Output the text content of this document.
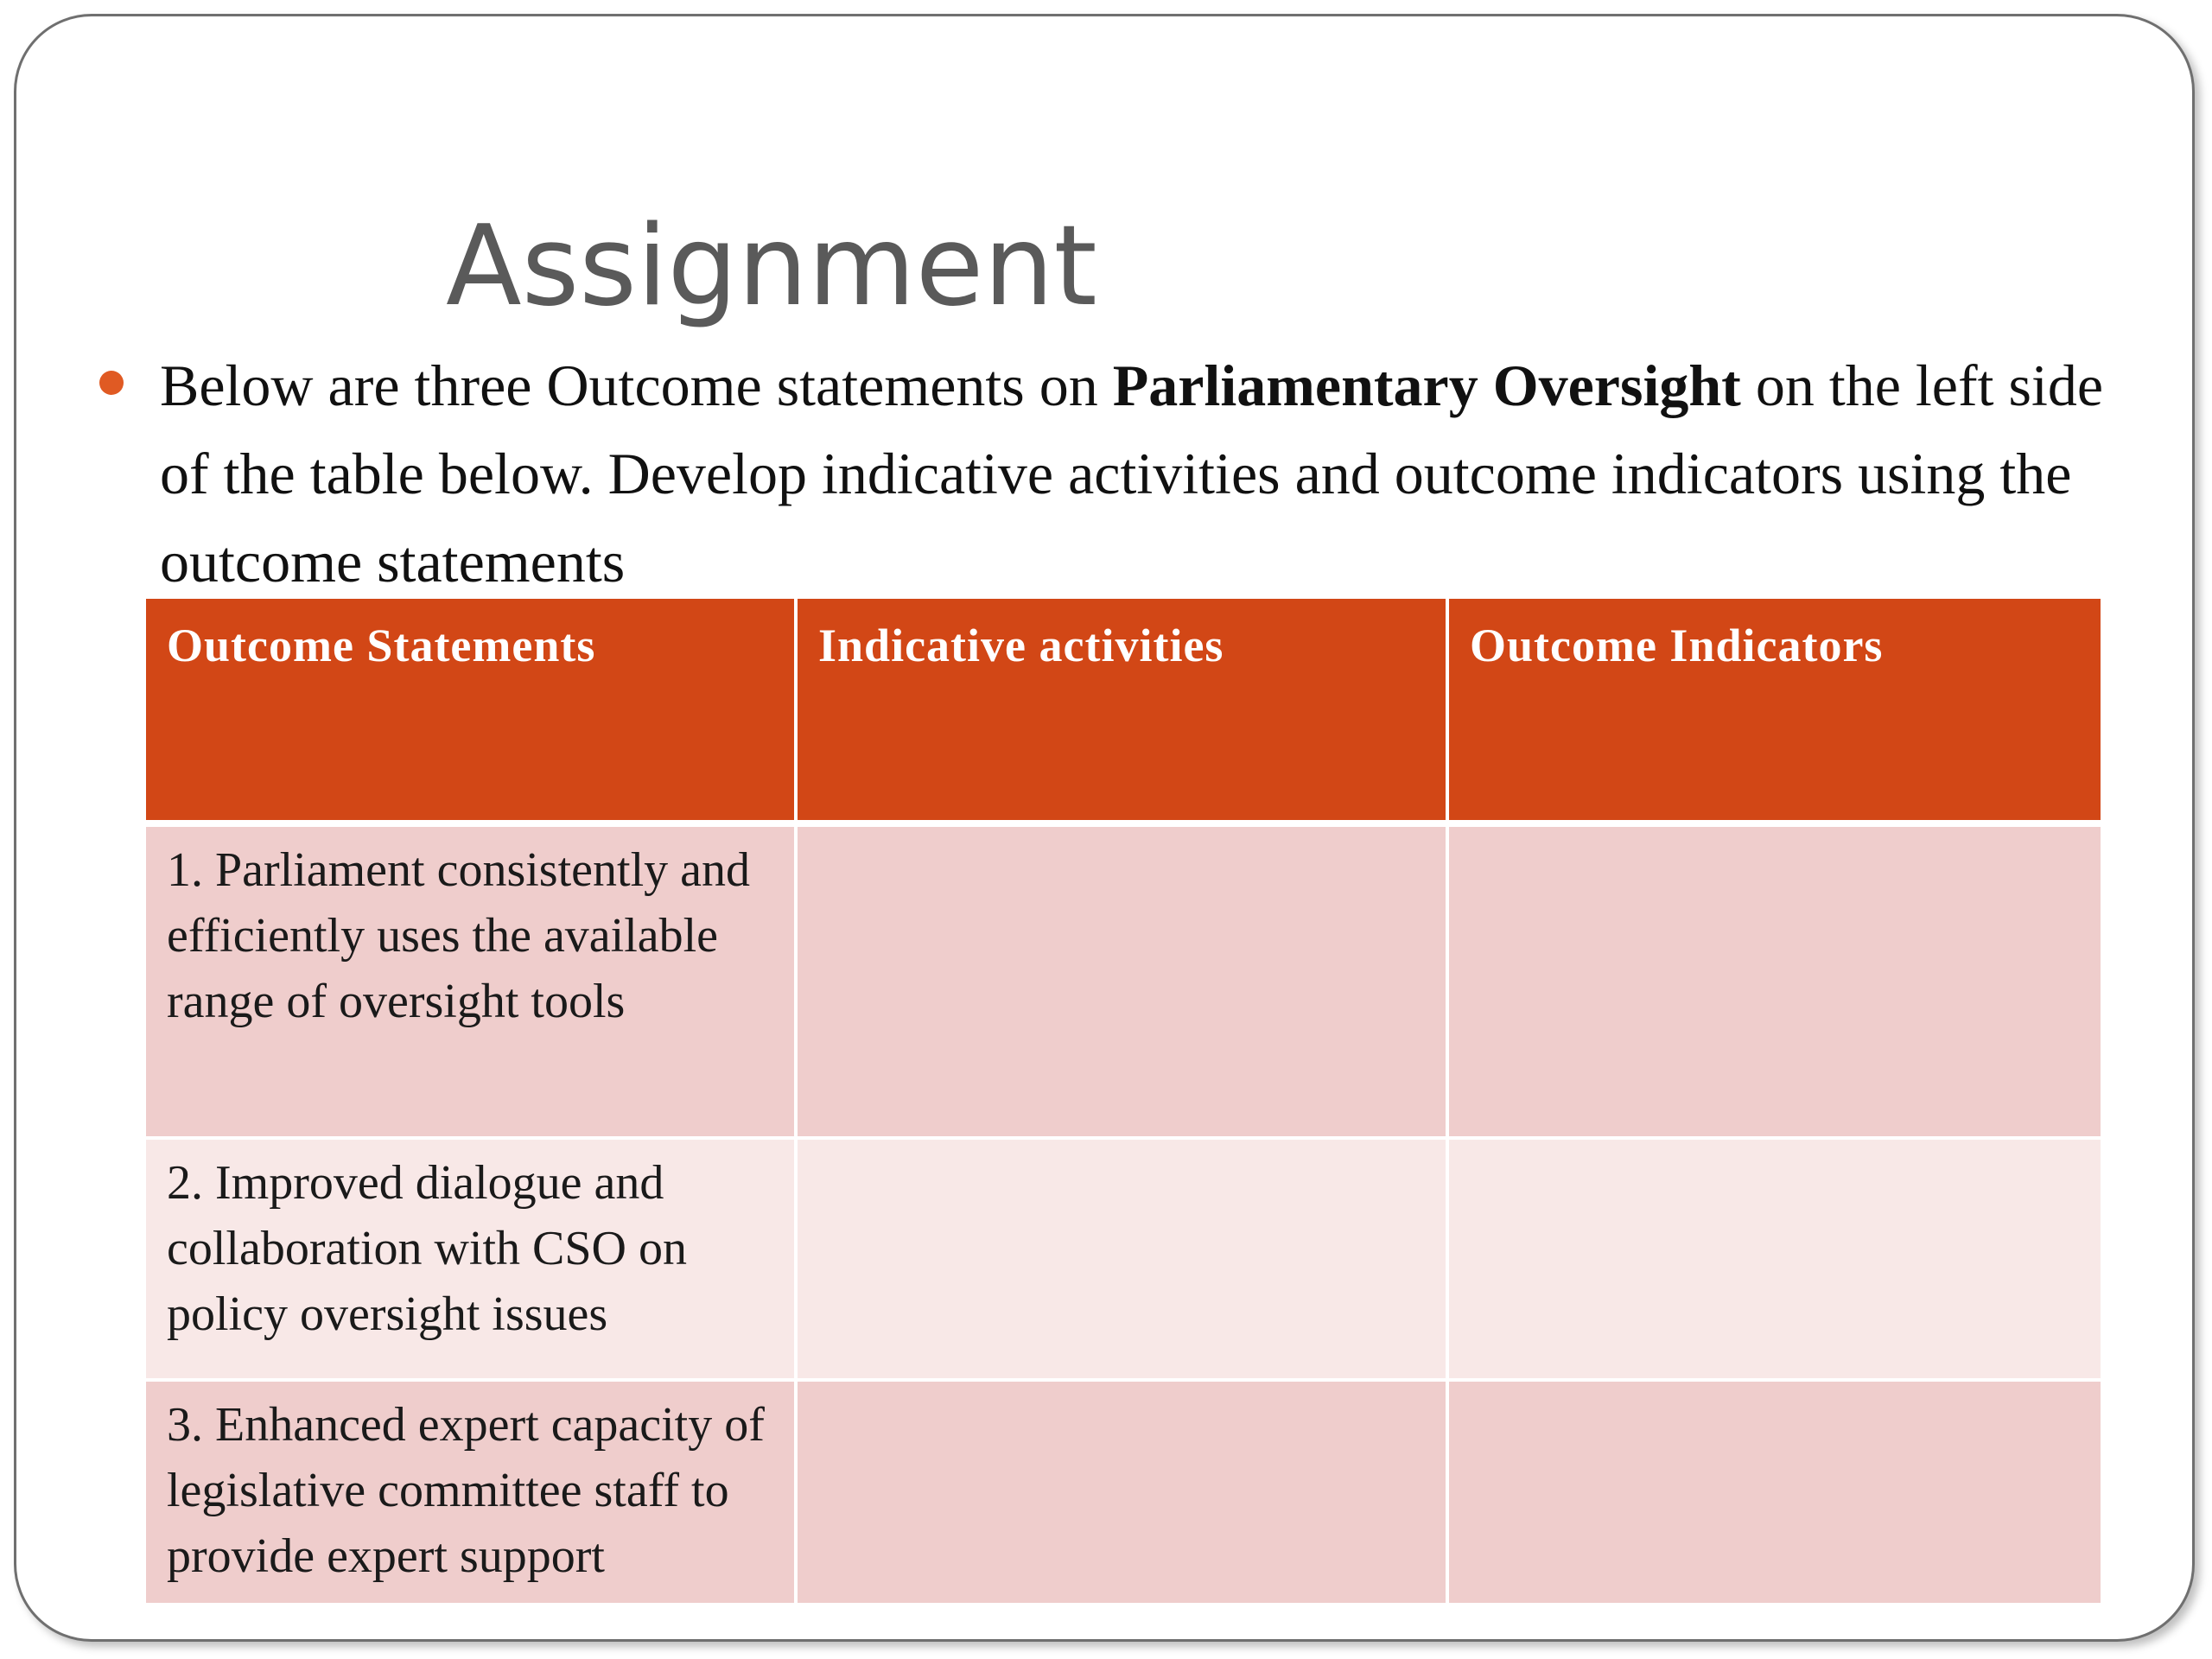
Assignment
Below are three Outcome statements on Parliamentary Oversight on the left side of the table below. Develop indicative activities and outcome indicators using the outcome statements
Outcome Statements	Indicative activities	Outcome Indicators
1. Parliament consistently and efficiently uses the available range of oversight tools
2. Improved dialogue and collaboration with CSO on policy oversight issues
3. Enhanced expert capacity of legislative committee staff to provide expert support
